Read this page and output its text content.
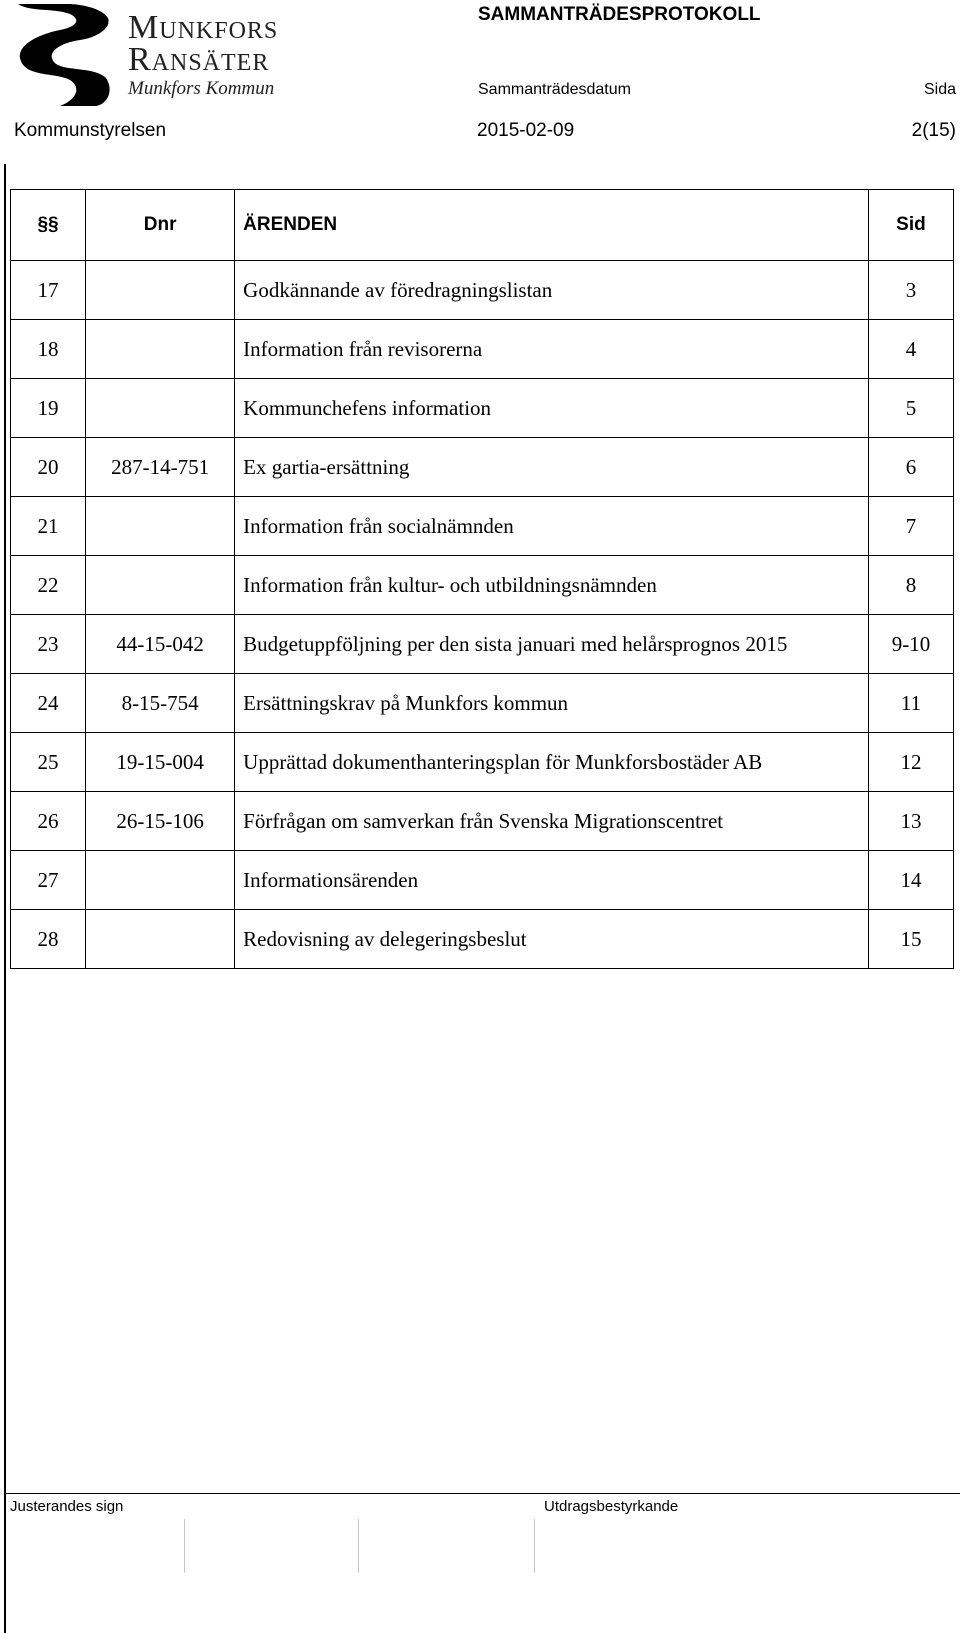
Munkfors
Ransäter
Munkfors Kommun
SAMMANTRÄDESPROTOKOLL
Sammanträdesdatum	Sida
Kommunstyrelsen	2015-02-09	2(15)
§§	Dnr	ÄRENDEN	Sid
17		Godkännande av föredragningslistan	3
18		Information från revisorerna	4
19		Kommunchefens information	5
20	287-14-751	Ex gartia-ersättning	6
21		Information från socialnämnden	7
22		Information från kultur- och utbildningsnämnden	8
23	44-15-042	Budgetuppföljning per den sista januari med helårsprognos 2015	9-10
24	8-15-754	Ersättningskrav på Munkfors kommun	11
25	19-15-004	Upprättad dokumenthanteringsplan för Munkforsbostäder AB	12
26	26-15-106	Förfrågan om samverkan från Svenska Migrationscentret	13
27		Informationsärenden	14
28		Redovisning av delegeringsbeslut	15
Justerandes sign	Utdragsbestyrkande
